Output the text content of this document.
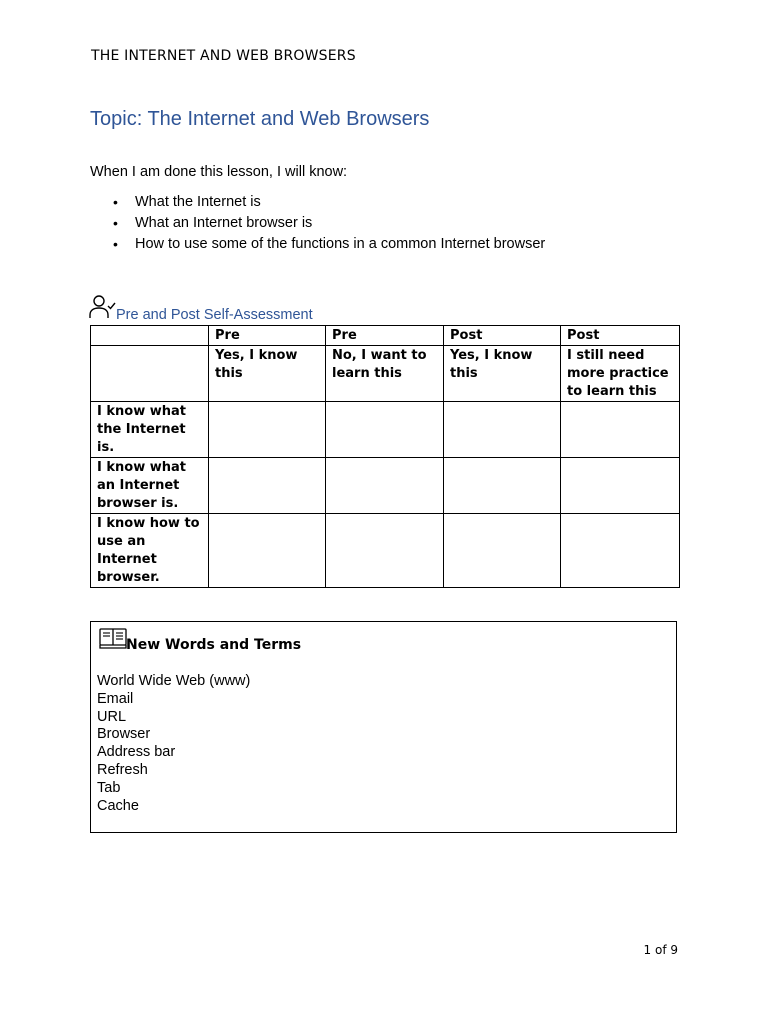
THE INTERNET AND WEB BROWSERS
Topic: The Internet and Web Browsers
When I am done this lesson, I will know:
• What the Internet is
• What an Internet browser is
• How to use some of the functions in a common Internet browser
Pre and Post Self-Assessment
	Pre	Pre	Post	Post
	Yes, I know this	No, I want to learn this	Yes, I know this	I still need more practice to learn this
I know what the Internet is.				
I know what an Internet browser is.				
I know how to use an Internet browser.				
New Words and Terms
World Wide Web (www)
Email
URL
Browser
Address bar
Refresh
Tab
Cache
1 of 9
